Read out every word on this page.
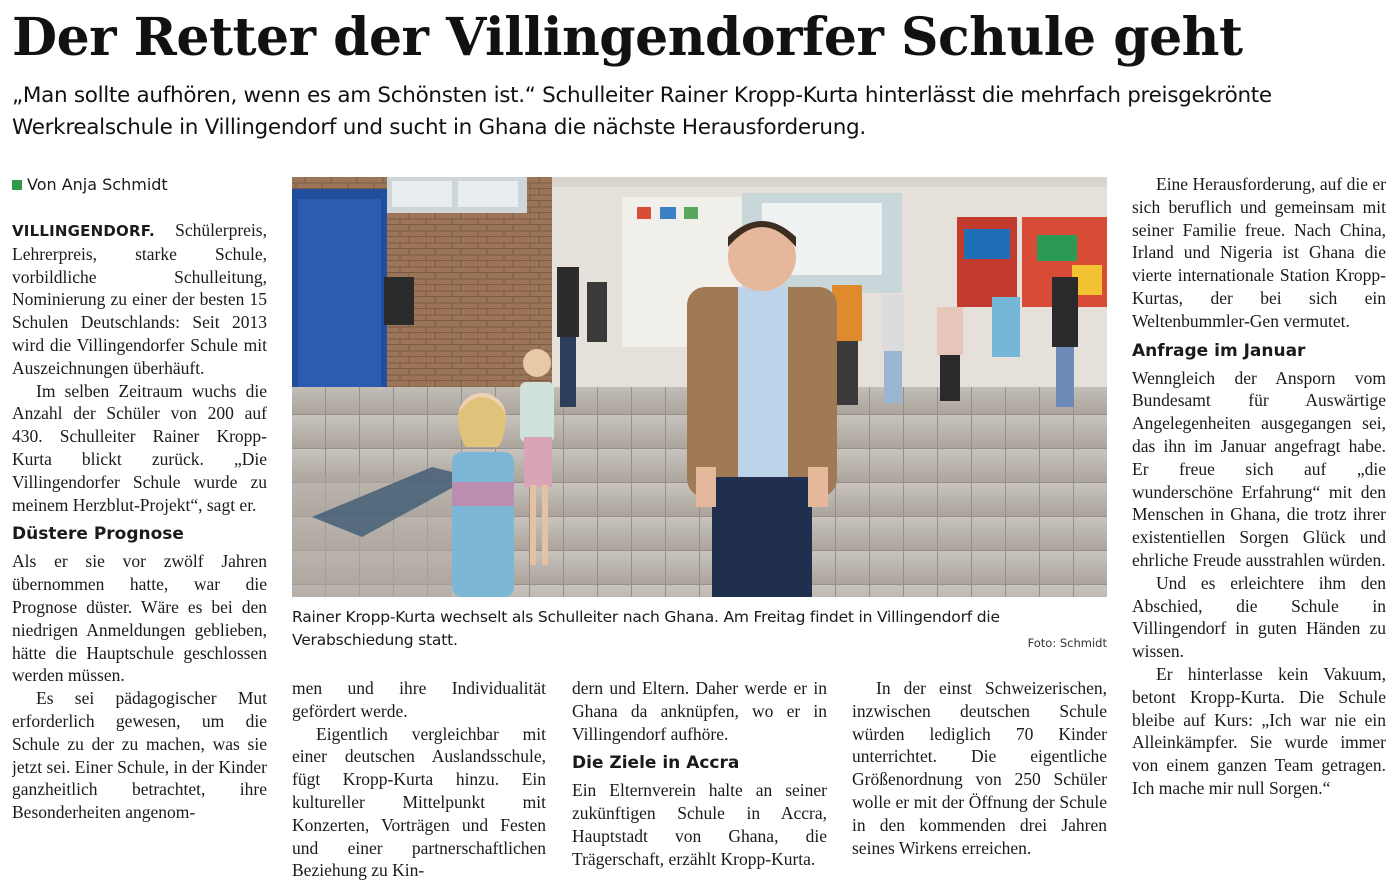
Der Retter der Villingendorfer Schule geht

„Man sollte aufhören, wenn es am Schönsten ist.“ Schulleiter Rainer Kropp-Kurta hinterlässt die mehrfach preisgekrönte Werkrealschule in Villingendorf und sucht in Ghana die nächste Herausforderung.

Von Anja Schmidt

VILLINGENDORF. Schülerpreis, Lehrerpreis, starke Schule, vorbildliche Schulleitung, Nominierung zu einer der besten 15 Schulen Deutschlands: Seit 2013 wird die Villingendorfer Schule mit Auszeichnungen überhäuft.

Im selben Zeitraum wuchs die Anzahl der Schüler von 200 auf 430. Schulleiter Rainer Kropp-Kurta blickt zurück. „Die Villingendorfer Schule wurde zu meinem Herzblut-Projekt“, sagt er.

Düstere Prognose

Als er sie vor zwölf Jahren übernommen hatte, war die Prognose düster. Wäre es bei den niedrigen Anmeldungen geblieben, hätte die Hauptschule geschlossen werden müssen.

Es sei pädagogischer Mut erforderlich gewesen, um die Schule zu der zu machen, was sie jetzt sei. Einer Schule, in der Kinder ganzheitlich betrachtet, ihre Besonderheiten angenom-

Rainer Kropp-Kurta wechselt als Schulleiter nach Ghana. Am Freitag findet in Villingendorf die Verabschiedung statt.	Foto: Schmidt

men und ihre Individualität gefördert werde.

Eigentlich vergleichbar mit einer deutschen Auslandsschule, fügt Kropp-Kurta hinzu. Ein kultureller Mittelpunkt mit Konzerten, Vorträgen und Festen und einer partnerschaftlichen Beziehung zu Kin-

dern und Eltern. Daher werde er in Ghana da anknüpfen, wo er in Villingendorf aufhöre.

Die Ziele in Accra

Ein Elternverein halte an seiner zukünftigen Schule in Accra, Hauptstadt von Ghana, die Trägerschaft, erzählt Kropp-Kurta.

In der einst Schweizerischen, inzwischen deutschen Schule würden lediglich 70 Kinder unterrichtet. Die eigentliche Größenordnung von 250 Schüler wolle er mit der Öffnung der Schule in den kommenden drei Jahren seines Wirkens erreichen.

Eine Herausforderung, auf die er sich beruflich und gemeinsam mit seiner Familie freue. Nach China, Irland und Nigeria ist Ghana die vierte internationale Station Kropp-Kurtas, der bei sich ein Weltenbummler-Gen vermutet.

Anfrage im Januar

Wenngleich der Ansporn vom Bundesamt für Auswärtige Angelegenheiten ausgegangen sei, das ihn im Januar angefragt habe. Er freue sich auf „die wunderschöne Erfahrung“ mit den Menschen in Ghana, die trotz ihrer existentiellen Sorgen Glück und ehrliche Freude ausstrahlen würden.

Und es erleichtere ihm den Abschied, die Schule in Villingendorf in guten Händen zu wissen.

Er hinterlasse kein Vakuum, betont Kropp-Kurta. Die Schule bleibe auf Kurs: „Ich war nie ein Alleinkämpfer. Sie wurde immer von einem ganzen Team getragen. Ich mache mir null Sorgen.“
